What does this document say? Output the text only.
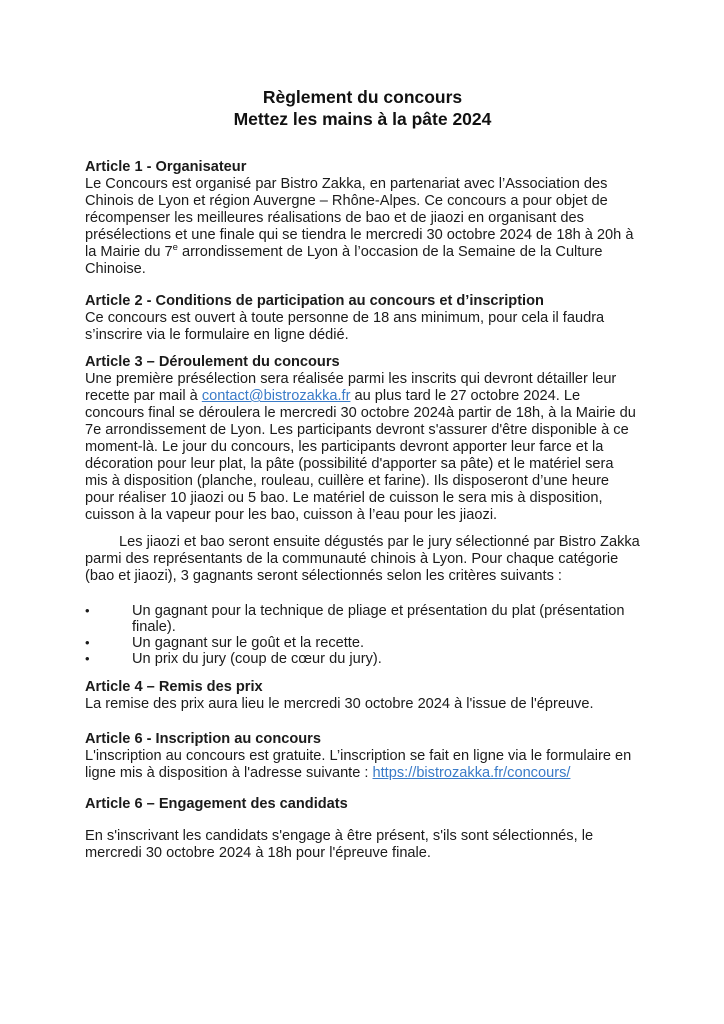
Règlement du concours
Mettez les mains à la pâte 2024
Article 1 - Organisateur
Le Concours est organisé par Bistro Zakka, en partenariat avec l’Association des Chinois de Lyon et région Auvergne – Rhône-Alpes. Ce concours a pour objet de récompenser les meilleures réalisations de bao et de jiaozi en organisant des présélections et une finale qui se tiendra le mercredi 30 octobre 2024 de 18h à 20h à la Mairie du 7e arrondissement de Lyon à l’occasion de la Semaine de la Culture Chinoise.
Article 2 - Conditions de participation au concours et d’inscription
Ce concours est ouvert à toute personne de 18 ans minimum, pour cela il faudra s’inscrire via le formulaire en ligne dédié.
Article 3 – Déroulement du concours
Une première présélection sera réalisée parmi les inscrits qui devront détailler leur recette par mail à contact@bistrozakka.fr au plus tard le 27 octobre 2024. Le concours final se déroulera le mercredi 30 octobre 2024à partir de 18h, à la Mairie du 7e arrondissement de Lyon. Les participants devront s'assurer d'être disponible à ce moment-là. Le jour du concours, les participants devront apporter leur farce et la décoration pour leur plat, la pâte (possibilité d'apporter sa pâte) et le matériel sera mis à disposition (planche, rouleau, cuillère et farine). Ils disposeront d’une heure pour réaliser 10 jiaozi ou 5 bao. Le matériel de cuisson le sera mis à disposition, cuisson à la vapeur pour les bao, cuisson à l’eau pour les jiaozi.
Les jiaozi et bao seront ensuite dégustés par le jury sélectionné par Bistro Zakka parmi des représentants de la communauté chinois à Lyon. Pour chaque catégorie (bao et jiaozi), 3 gagnants seront sélectionnés selon les critères suivants :
•	Un gagnant pour la technique de pliage et présentation du plat (présentation finale).
•	Un gagnant sur le goût et la recette.
•	Un prix du jury (coup de cœur du jury).
Article 4 – Remis des prix
La remise des prix aura lieu le mercredi 30 octobre 2024 à l'issue de l'épreuve.
Article 6 - Inscription au concours
L'inscription au concours est gratuite. L’inscription se fait en ligne via le formulaire en ligne mis à disposition à l'adresse suivante : https://bistrozakka.fr/concours/
Article 6 – Engagement des candidats
En s'inscrivant les candidats s'engage à être présent, s'ils sont sélectionnés, le mercredi 30 octobre 2024 à 18h pour l'épreuve finale.
